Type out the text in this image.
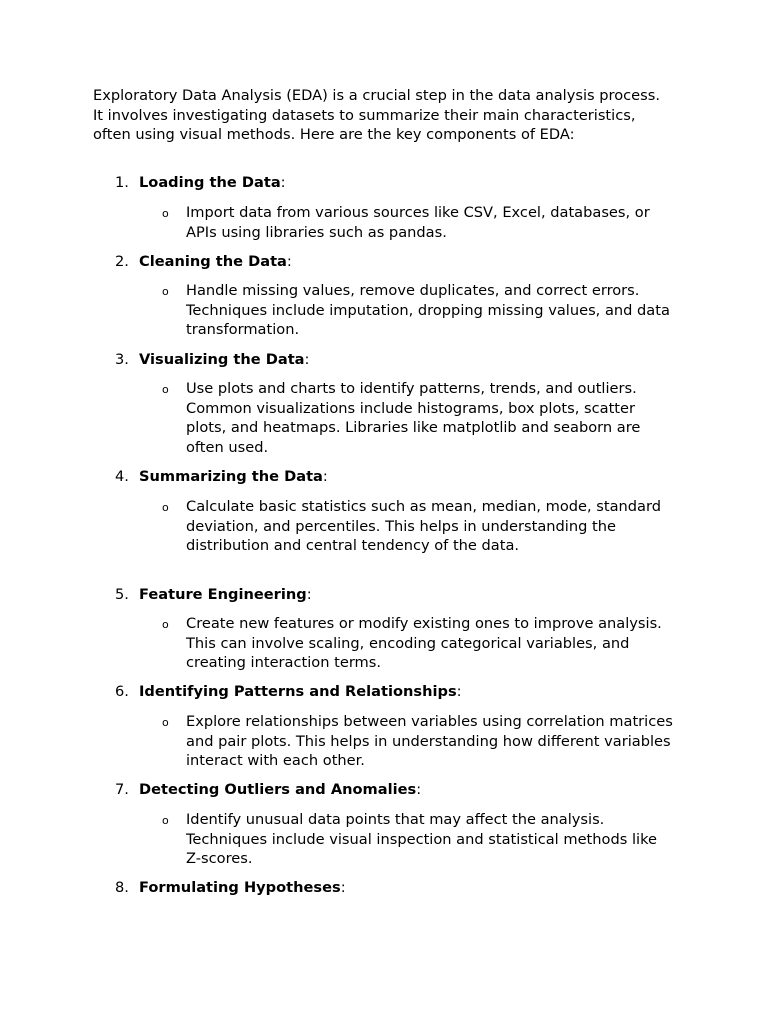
Exploratory Data Analysis (EDA) is a crucial step in the data analysis process. It involves investigating datasets to summarize their main characteristics, often using visual methods. Here are the key components of EDA:

1. Loading the Data:

o	Import data from various sources like CSV, Excel, databases, or APIs using libraries such as pandas.

2. Cleaning the Data:

o	Handle missing values, remove duplicates, and correct errors. Techniques include imputation, dropping missing values, and data transformation.

3. Visualizing the Data:

o	Use plots and charts to identify patterns, trends, and outliers. Common visualizations include histograms, box plots, scatter plots, and heatmaps. Libraries like matplotlib and seaborn are often used.

4. Summarizing the Data:

o	Calculate basic statistics such as mean, median, mode, standard deviation, and percentiles. This helps in understanding the distribution and central tendency of the data.

5. Feature Engineering:

o	Create new features or modify existing ones to improve analysis. This can involve scaling, encoding categorical variables, and creating interaction terms.

6. Identifying Patterns and Relationships:

o	Explore relationships between variables using correlation matrices and pair plots. This helps in understanding how different variables interact with each other.

7. Detecting Outliers and Anomalies:

o	Identify unusual data points that may affect the analysis. Techniques include visual inspection and statistical methods like Z-scores.

8. Formulating Hypotheses:
